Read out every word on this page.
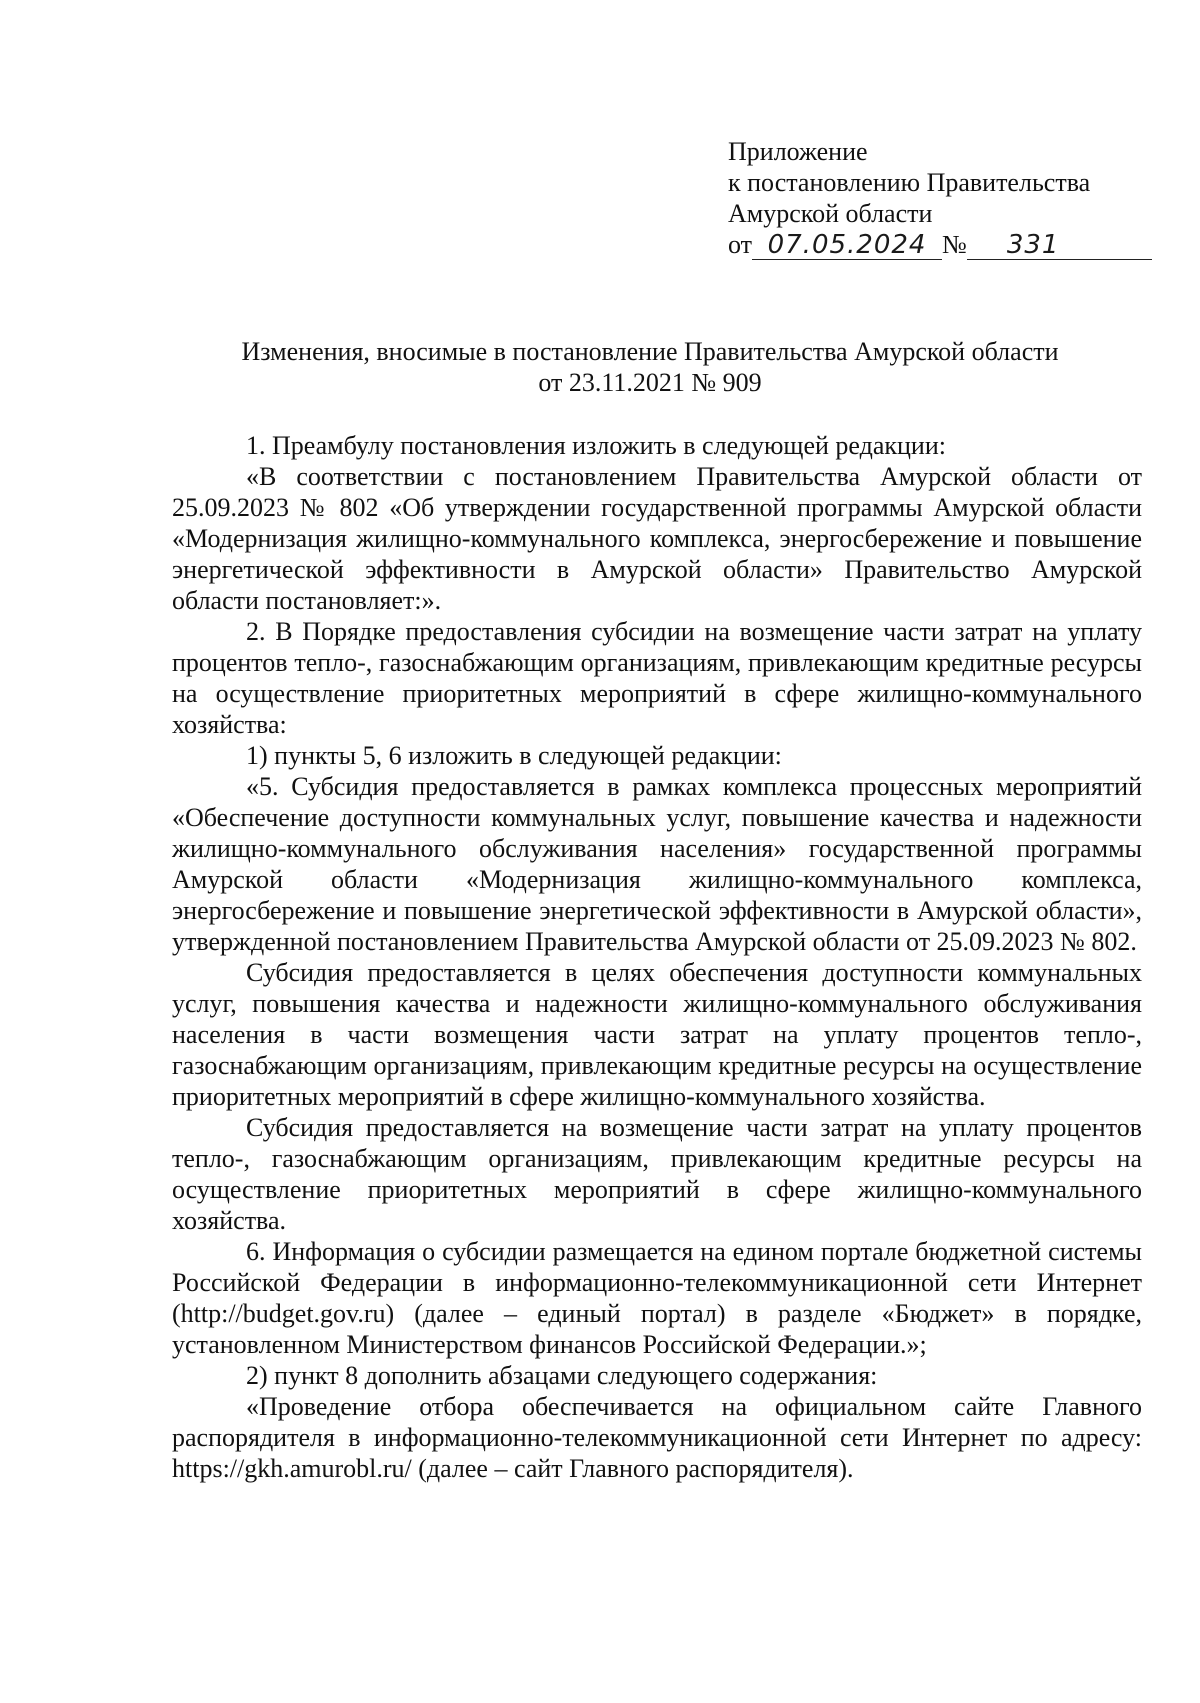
Приложение
к постановлению Правительства
Амурской области
от 07.05.2024 № 331
Изменения, вносимые в постановление Правительства Амурской области
от 23.11.2021 № 909

1. Преамбулу постановления изложить в следующей редакции:

«В соответствии с постановлением Правительства Амурской области от 25.09.2023 № 802 «Об утверждении государственной программы Амурской области «Модернизация жилищно-коммунального комплекса, энергосбережение и повышение энергетической эффективности в Амурской области» Правительство Амурской области постановляет:».

2. В Порядке предоставления субсидии на возмещение части затрат на уплату процентов тепло-, газоснабжающим организациям, привлекающим кредитные ресурсы на осуществление приоритетных мероприятий в сфере жилищно-коммунального хозяйства:

1) пункты 5, 6 изложить в следующей редакции:

«5. Субсидия предоставляется в рамках комплекса процессных мероприятий «Обеспечение доступности коммунальных услуг, повышение качества и надежности жилищно-коммунального обслуживания населения» государственной программы Амурской области «Модернизация жилищно-коммунального комплекса, энергосбережение и повышение энергетической эффективности в Амурской области», утвержденной постановлением Правительства Амурской области от 25.09.2023 № 802.

Субсидия предоставляется в целях обеспечения доступности коммунальных услуг, повышения качества и надежности жилищно-коммунального обслуживания населения в части возмещения части затрат на уплату процентов тепло-, газоснабжающим организациям, привлекающим кредитные ресурсы на осуществление приоритетных мероприятий в сфере жилищно-коммунального хозяйства.

Субсидия предоставляется на возмещение части затрат на уплату процентов тепло-, газоснабжающим организациям, привлекающим кредитные ресурсы на осуществление приоритетных мероприятий в сфере жилищно-коммунального хозяйства.

6. Информация о субсидии размещается на едином портале бюджетной системы Российской Федерации в информационно-телекоммуникационной сети Интернет (http://budget.gov.ru) (далее – единый портал) в разделе «Бюджет» в порядке, установленном Министерством финансов Российской Федерации.»;

2) пункт 8 дополнить абзацами следующего содержания:

«Проведение отбора обеспечивается на официальном сайте Главного распорядителя в информационно-телекоммуникационной сети Интернет по адресу: https://gkh.amurobl.ru/ (далее – сайт Главного распорядителя).
